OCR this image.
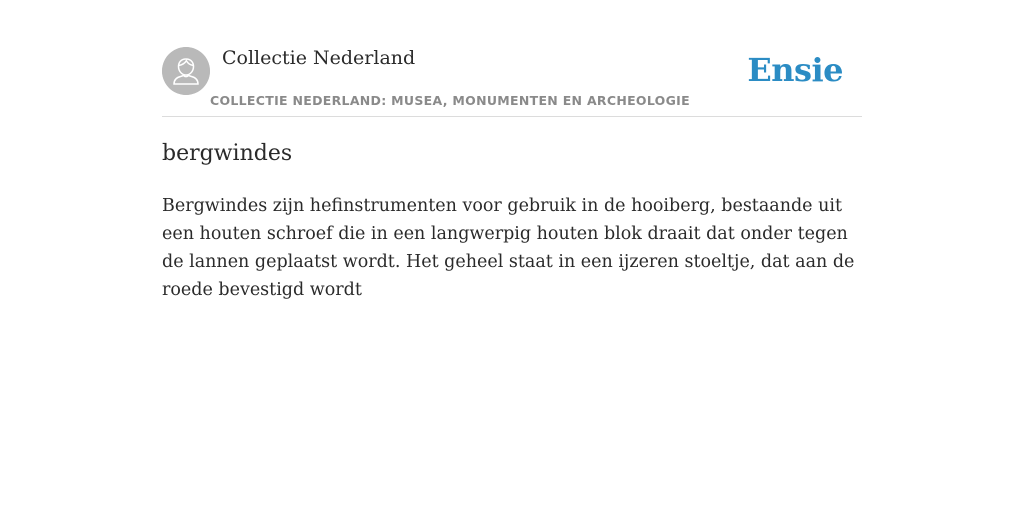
Collectie Nederland
COLLECTIE NEDERLAND: MUSEA, MONUMENTEN EN ARCHEOLOGIE
Ensie
bergwindes

Bergwindes zijn hefinstrumenten voor gebruik in de hooiberg, bestaande uit een houten schroef die in een langwerpig houten blok draait dat onder tegen de lannen geplaatst wordt. Het geheel staat in een ijzeren stoeltje, dat aan de roede bevestigd wordt
